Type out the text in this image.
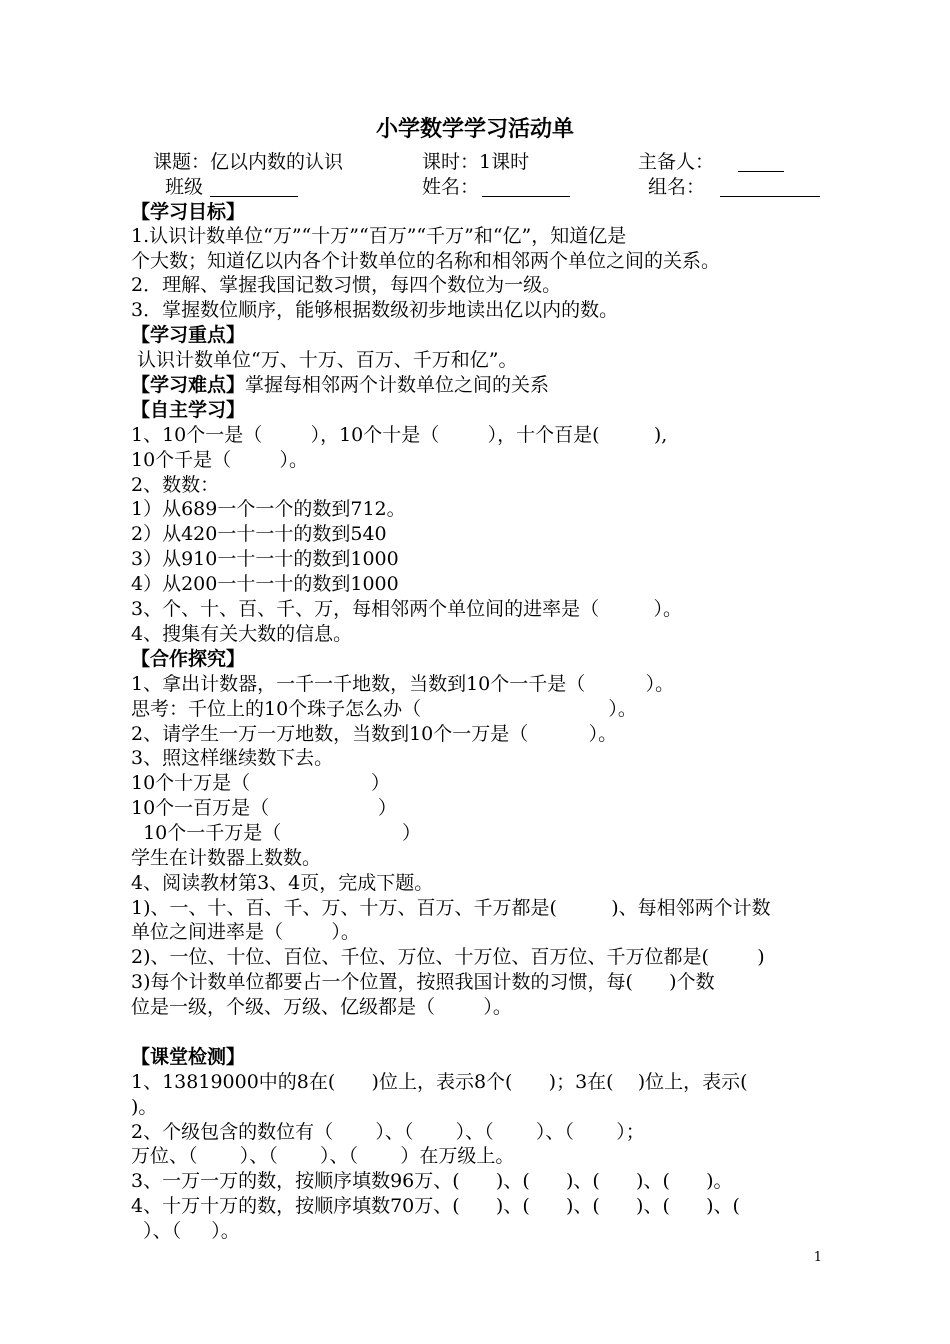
小学数学学习活动单
课题：亿以内数的认识	课时：1课时	主备人：
班级	姓名：	组名：
【学习目标】
1.认识计数单位“万”“十万”“百万”“千万”和“亿”，知道亿是
个大数；知道亿以内各个计数单位的名称和相邻两个单位之间的关系。
2．理解、掌握我国记数习惯，每四个数位为一级。
3．掌握数位顺序，能够根据数级初步地读出亿以内的数。
【学习重点】
认识计数单位“万、十万、百万、千万和亿”。
【学习难点】掌握每相邻两个计数单位之间的关系
【自主学习】
1、10个一是（        ），10个十是（        ），十个百是(         ),
10个千是（        ）。
2、数数：
1）从689一个一个的数到712。
2）从420一十一十的数到540
3）从910一十一十的数到1000
4）从200一十一十的数到1000
3、个、十、百、千、万，每相邻两个单位间的进率是（         ）。
4、搜集有关大数的信息。
【合作探究】
1、拿出计数器，一千一千地数，当数到10个一千是（          ）。
思考：千位上的10个珠子怎么办（                               ）。
2、请学生一万一万地数，当数到10个一万是（          ）。
3、照这样继续数下去。
10个十万是（                    ）
10个一百万是（                  ）
10个一千万是（                    ）
学生在计数器上数数。
4、阅读教材第3、4页，完成下题。
1)、一、十、百、千、万、十万、百万、千万都是(         )、每相邻两个计数
单位之间进率是（        ）。
2)、一位、十位、百位、千位、万位、十万位、百万位、千万位都是(        )
3)每个计数单位都要占一个位置，按照我国计数的习惯，每(      )个数
位是一级，个级、万级、亿级都是（        ）。
【课堂检测】
1、13819000中的8在(      )位上，表示8个(      )；3在(    )位上，表示(
)。
2、个级包含的数位有（       ）、（       ）、（       ）、（       ）；
万位、（       ）、（       ）、（       ）在万级上。
3、一万一万的数，按顺序填数96万、(      )、(      )、(      )、(      )。
4、十万十万的数，按顺序填数70万、(      )、(      )、(      )、(      )、(
）、（     ）。
1
